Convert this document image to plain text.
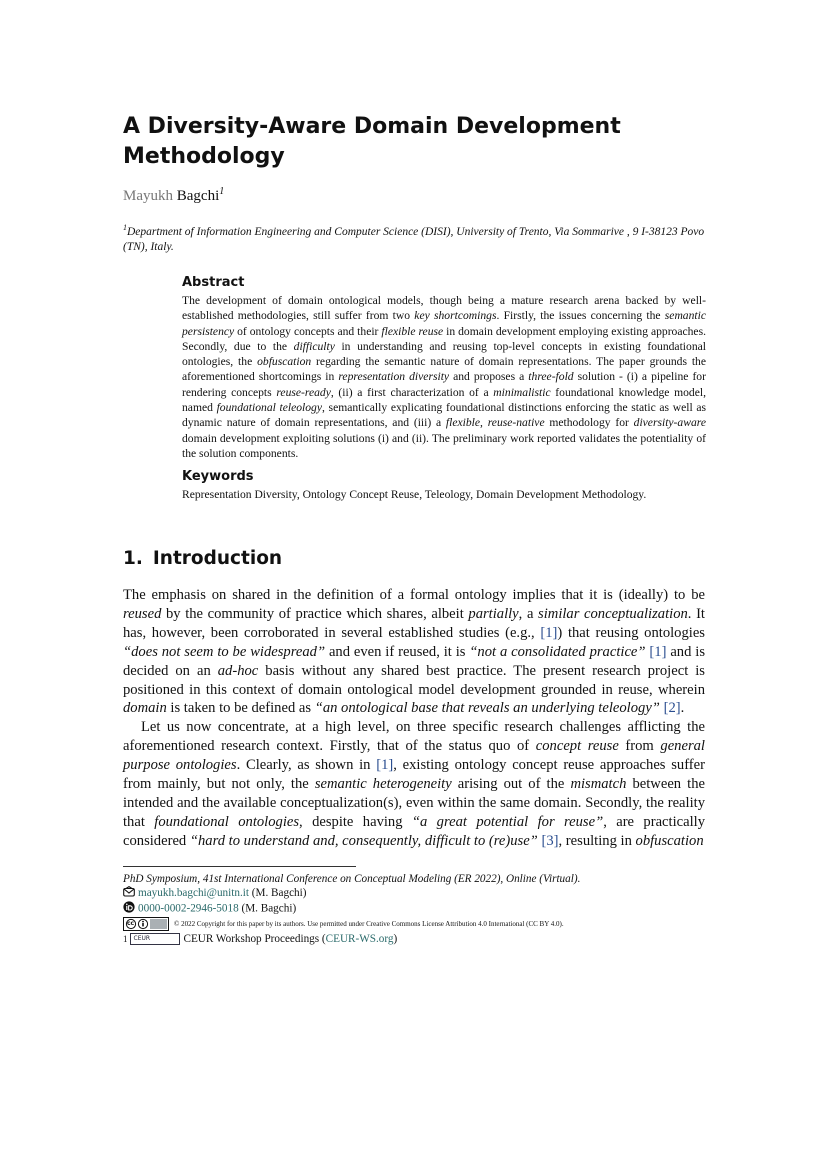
A Diversity-Aware Domain Development Methodology
Mayukh Bagchi$^1$
$^1$Department of Information Engineering and Computer Science (DISI), University of Trento, Via Sommarive , 9 I-38123 Povo (TN), Italy.
Abstract

The development of domain ontological models, though being a mature research arena backed by well-established methodologies, still suffer from two key shortcomings. Firstly, the issues concerning the semantic persistency of ontology concepts and their flexible reuse in domain development employing existing approaches. Secondly, due to the difficulty in understanding and reusing top-level concepts in existing foundational ontologies, the obfuscation regarding the semantic nature of domain representations. The paper grounds the aforementioned shortcomings in representation diversity and proposes a three-fold solution - (i) a pipeline for rendering concepts reuse-ready, (ii) a first characterization of a minimalistic foundational knowledge model, named foundational teleology, semantically explicating foundational distinctions enforcing the static as well as dynamic nature of domain representations, and (iii) a flexible, reuse-native methodology for diversity-aware domain development exploiting solutions (i) and (ii). The preliminary work reported validates the potentiality of the solution components.

Keywords
Representation Diversity, Ontology Concept Reuse, Teleology, Domain Development Methodology.
1. Introduction

The emphasis on shared in the definition of a formal ontology implies that it is (ideally) to be reused by the community of practice which shares, albeit partially, a similar conceptualization. It has, however, been corroborated in several established studies (e.g., [1]) that reusing ontologies “does not seem to be widespread” and even if reused, it is “not a consolidated practice” [1] and is decided on an ad-hoc basis without any shared best practice. The present research project is positioned in this context of domain ontological model development grounded in reuse, wherein domain is taken to be defined as “an ontological base that reveals an underlying teleology” [2].

Let us now concentrate, at a high level, on three specific research challenges afflicting the aforementioned research context. Firstly, that of the status quo of concept reuse from general purpose ontologies. Clearly, as shown in [1], existing ontology concept reuse approaches suffer from mainly, but not only, the semantic heterogeneity arising out of the mismatch between the intended and the available conceptualization(s), even within the same domain. Secondly, the reality that foundational ontologies, despite having “a great potential for reuse”, are practically considered “hard to understand and, consequently, difficult to (re)use” [3], resulting in obfuscation

PhD Symposium, 41st International Conference on Conceptual Modeling (ER 2022), Online (Virtual).
mayukh.bagchi@unitn.it (M. Bagchi)
0000-0002-2946-5018 (M. Bagchi)
cc	© 2022 Copyright for this paper by its authors. Use permitted under Creative Commons License Attribution 4.0 International (CC BY 4.0).
1 CEUR	CEUR Workshop Proceedings (CEUR-WS.org)
